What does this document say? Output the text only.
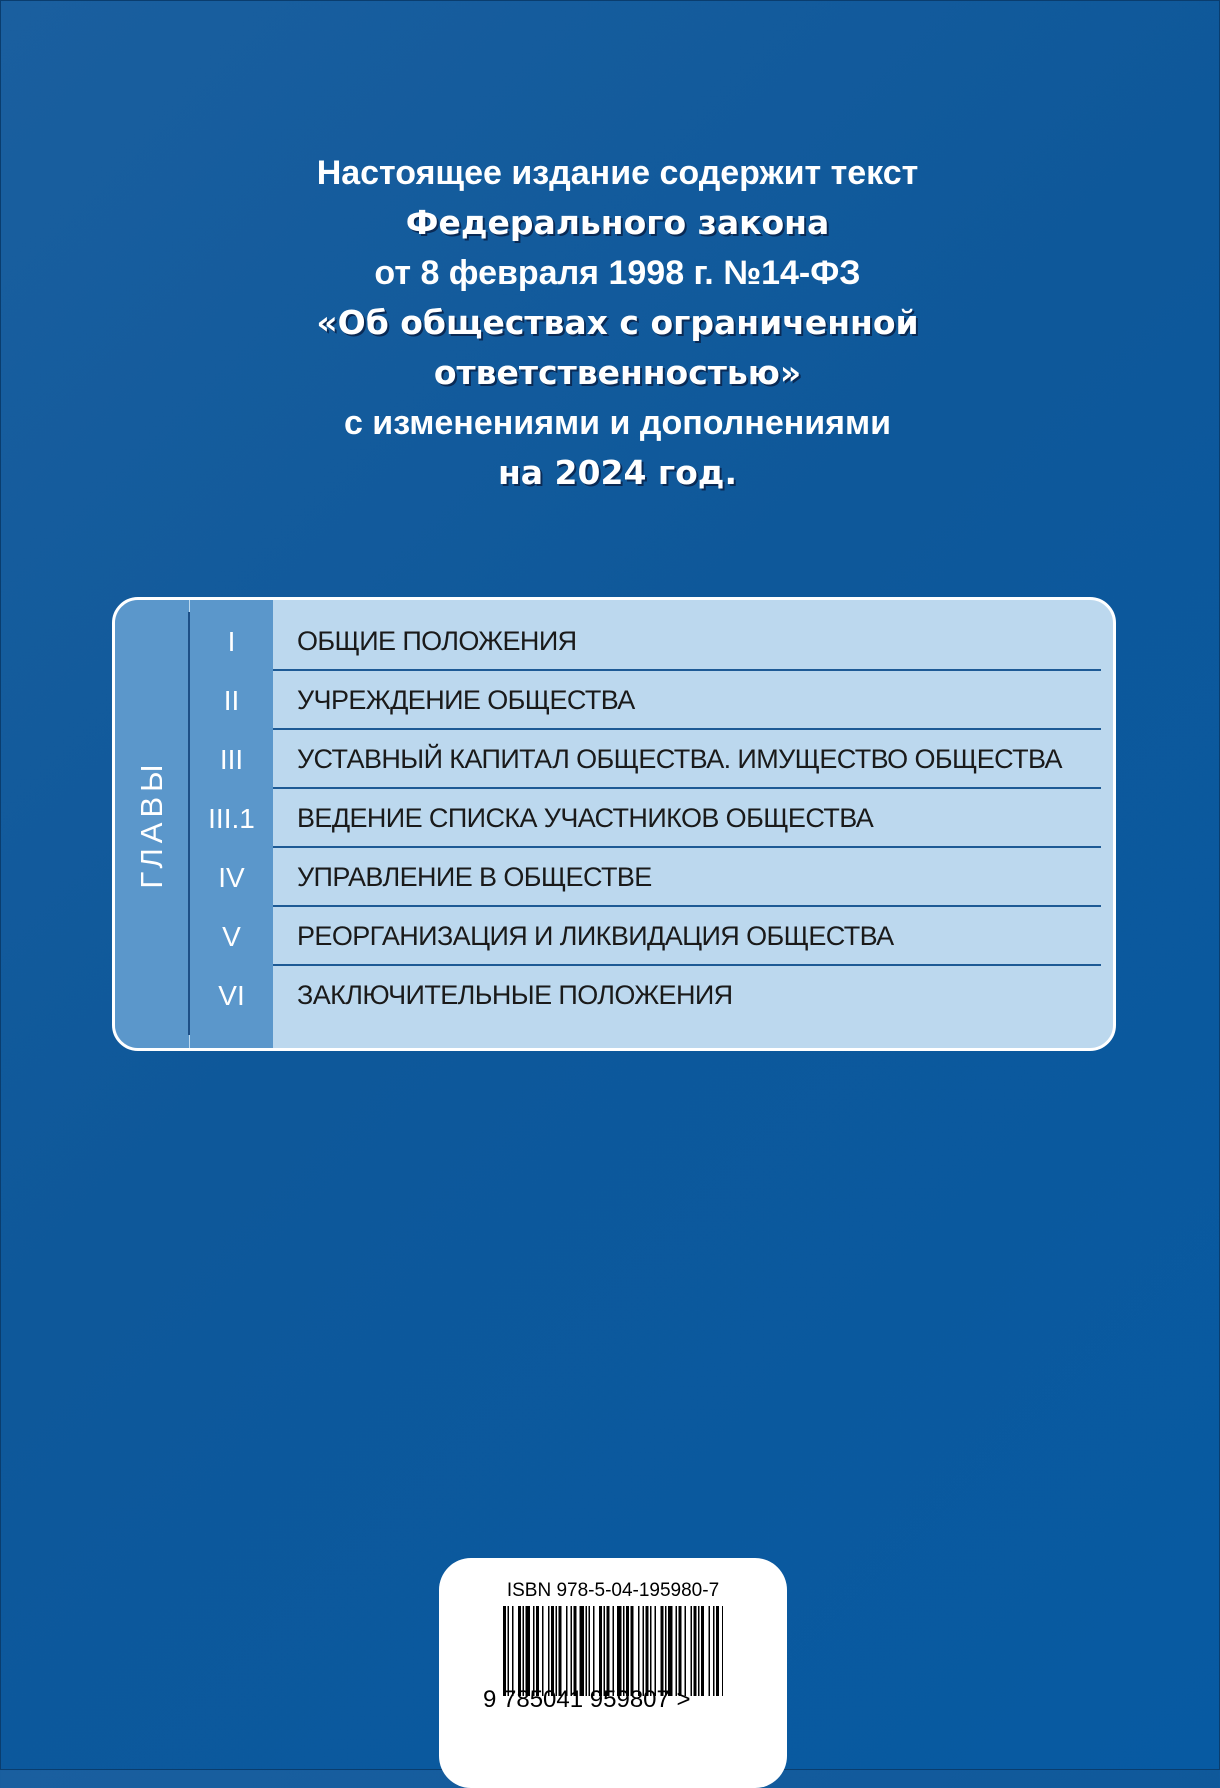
Настоящее издание содержит текст
Федерального закона
от 8 февраля 1998 г. №14-ФЗ
«Об обществах с ограниченной
ответственностью»
с изменениями и дополнениями
на 2024 год.
ГЛАВЫ
I	ОБЩИЕ ПОЛОЖЕНИЯ
II	УЧРЕЖДЕНИЕ ОБЩЕСТВА
III	УСТАВНЫЙ КАПИТАЛ ОБЩЕСТВА. ИМУЩЕСТВО ОБЩЕСТВА
III.1	ВЕДЕНИЕ СПИСКА УЧАСТНИКОВ ОБЩЕСТВА
IV	УПРАВЛЕНИЕ В ОБЩЕСТВЕ
V	РЕОРГАНИЗАЦИЯ И ЛИКВИДАЦИЯ ОБЩЕСТВА
VI	ЗАКЛЮЧИТЕЛЬНЫЕ ПОЛОЖЕНИЯ
ISBN 978-5-04-195980-7
9 785041 959807 >
